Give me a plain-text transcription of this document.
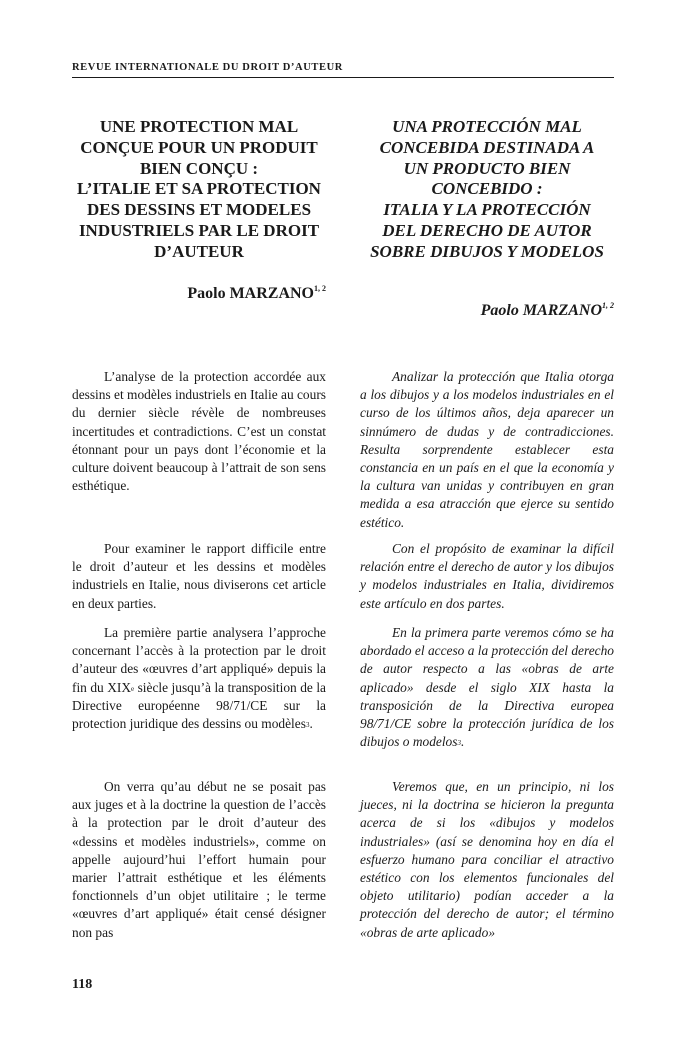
REVUE INTERNATIONALE DU DROIT D’AUTEUR
UNE PROTECTION MAL
CONÇUE POUR UN PRODUIT
BIEN CONÇU :
L’ITALIE ET SA PROTECTION
DES DESSINS ET MODELES
INDUSTRIELS PAR LE DROIT
D’AUTEUR
Paolo MARZANO$^{1, 2}$

L’analyse de la protection accordée aux dessins et modèles industriels en Italie au cours du dernier siècle révèle de nombreuses incertitudes et contradictions. C’est un constat étonnant pour un pays dont l’économie et la culture doivent beaucoup à l’attrait de son sens esthétique.

Pour examiner le rapport difficile entre le droit d’auteur et les dessins et modèles industriels en Italie, nous diviserons cet article en deux parties.

La première partie analysera l’approche concernant l’accès à la protection par le droit d’auteur des «œuvres d’art appliqué» depuis la fin du XIXe siècle jusqu’à la transposition de la Directive européenne 98/71/CE sur la protection juridique des dessins ou modèles$^3$.

On verra qu’au début ne se posait pas aux juges et à la doctrine la question de l’accès à la protection par le droit d’auteur des «dessins et modèles industriels», comme on appelle aujourd’hui l’effort humain pour marier l’attrait esthétique et les éléments fonctionnels d’un objet utilitaire ; le terme «œuvres d’art appliqué» était censé désigner non pas

UNA PROTECCIÓN MAL
CONCEBIDA DESTINADA A
UN PRODUCTO BIEN
CONCEBIDO :
ITALIA Y LA PROTECCIÓN
DEL DERECHO DE AUTOR
SOBRE DIBUJOS Y MODELOS
Paolo MARZANO$^{1, 2}$

Analizar la protección que Italia otorga a los dibujos y a los modelos industriales en el curso de los últimos años, deja aparecer un sinnúmero de dudas y de contradicciones. Resulta sorprendente establecer esta constancia en un país en el que la economía y la cultura van unidas y contribuyen en gran medida a esa atracción que ejerce su sentido estético.

Con el propósito de examinar la difícil relación entre el derecho de autor y los dibujos y modelos industriales en Italia, dividiremos este artículo en dos partes.

En la primera parte veremos cómo se ha abordado el acceso a la protección del derecho de autor respecto a las «obras de arte aplicado» desde el siglo XIX hasta la transposición de la Directiva europea 98/71/CE sobre la protección jurídica de los dibujos o modelos$^3$.

Veremos que, en un principio, ni los jueces, ni la doctrina se hicieron la pregunta acerca de si los «dibujos y modelos industriales» (así se denomina hoy en día el esfuerzo humano para conciliar el atractivo estético con los elementos funcionales del objeto utilitario) podían acceder a la protección del derecho de autor; el término «obras de arte aplicado»

118
